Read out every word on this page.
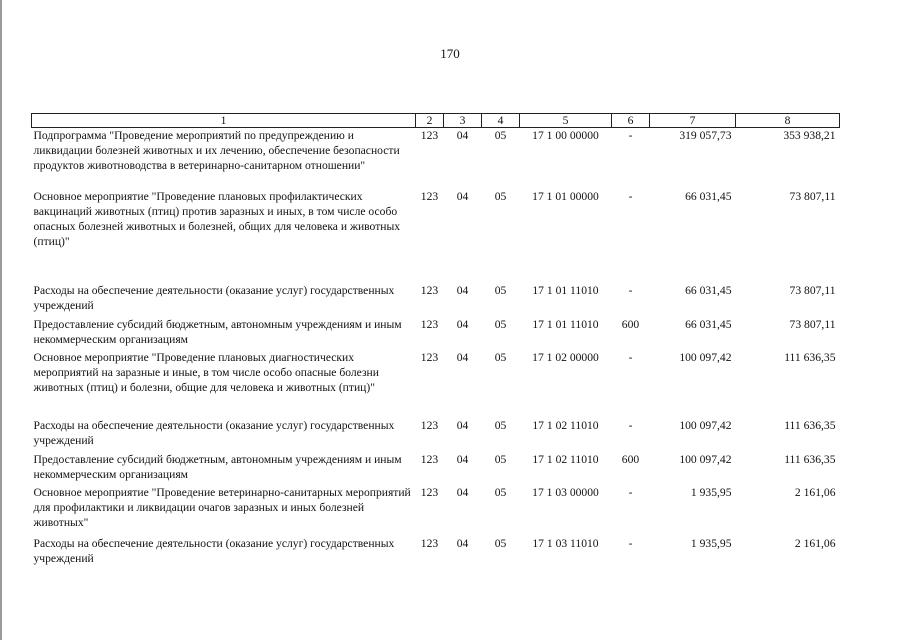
170
1	2	3	4	5	6	7	8
Подпрограмма "Проведение мероприятий по предупреждению и ликвидации болезней животных и их лечению, обеспечение безопасности продуктов животноводства в ветеринарно-санитарном отношении"	123	04	05	17 1 00 00000	-	319 057,73	353 938,21
Основное мероприятие "Проведение плановых профилактических вакцинаций животных (птиц) против заразных и иных, в том числе особо опасных болезней животных и болезней, общих для человека и животных (птиц)"	123	04	05	17 1 01 00000	-	66 031,45	73 807,11
Расходы на обеспечение деятельности (оказание услуг) государственных учреждений	123	04	05	17 1 01 11010	-	66 031,45	73 807,11
Предоставление субсидий бюджетным, автономным учреждениям и иным некоммерческим организациям	123	04	05	17 1 01 11010	600	66 031,45	73 807,11
Основное мероприятие "Проведение плановых диагностических мероприятий на заразные и иные, в том числе особо опасные болезни животных (птиц) и болезни, общие для человека и животных (птиц)"	123	04	05	17 1 02 00000	-	100 097,42	111 636,35
Расходы на обеспечение деятельности (оказание услуг) государственных учреждений	123	04	05	17 1 02 11010	-	100 097,42	111 636,35
Предоставление субсидий бюджетным, автономным учреждениям и иным некоммерческим организациям	123	04	05	17 1 02 11010	600	100 097,42	111 636,35
Основное мероприятие "Проведение ветеринарно-санитарных мероприятий для профилактики и ликвидации очагов заразных и иных болезней животных"	123	04	05	17 1 03 00000	-	1 935,95	2 161,06
Расходы на обеспечение деятельности (оказание услуг) государственных учреждений	123	04	05	17 1 03 11010	-	1 935,95	2 161,06
